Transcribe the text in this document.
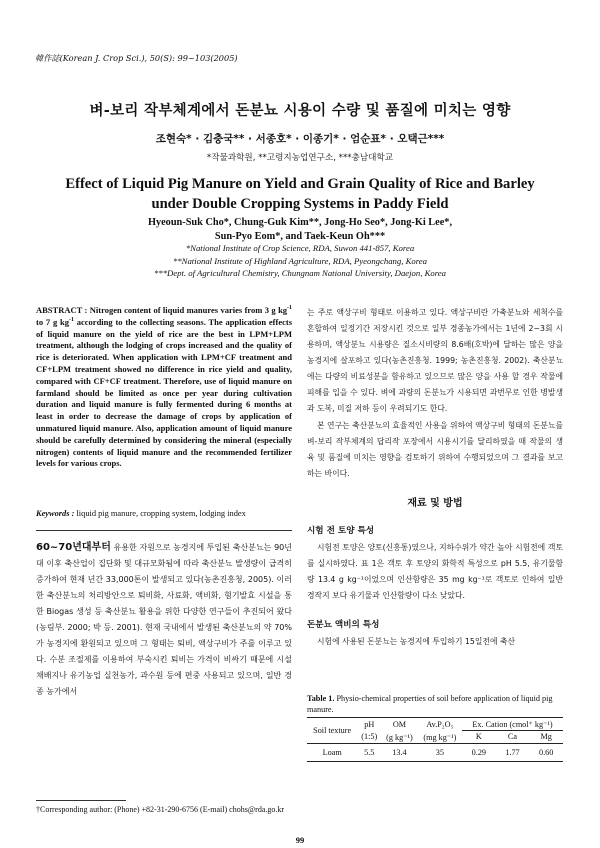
韓作誌(Korean J. Crop Sci.), 50(S): 99~103(2005)
벼-보리 작부체계에서 돈분뇨 시용이 수량 및 품질에 미치는 영향
조현숙* · 김충국** · 서종호* · 이종기* · 엄순표* · 오택근***
*작물과학원, **고령지농업연구소, ***충남대학교
Effect of Liquid Pig Manure on Yield and Grain Quality of Rice and Barley
under Double Cropping Systems in Paddy Field
Hyeoun-Suk Cho*, Chung-Guk Kim**, Jong-Ho Seo*, Jong-Ki Lee*,
Sun-Pyo Eom*, and Taek-Keun Oh***
*National Institute of Crop Science, RDA, Suwon 441-857, Korea
**National Institute of Highland Agriculture, RDA, Pyeongchang, Korea
***Dept. of Agricultural Chemistry, Chungnam National University, Daejon, Korea
ABSTRACT : Nitrogen content of liquid manures varies from 3 g $kg^{-1}$ to 7 g $kg^{-1}$ according to the collecting seasons. The application effects of liquid manure on the yield of rice are the best in LPM+LPM treatment, although the lodging of crops increased and the quality of rice is deteriorated. When application with LPM+CF treatment and CF+LPM treatment showed no difference in rice yield and quality, compared with CF+CF treatment. Therefore, use of liquid manure on farmland should be limited as once per year during cultivation duration and liquid manure is fully fermented during 6 months at least in order to decrease the damage of crops by application of unmatured liquid manure. Also, application amount of liquid manure should be carefully determined by considering the mineral (especially nitrogen) contents of liquid manure and the recommended fertilizer levels for various crops.
Keywords : liquid pig manure, cropping system, lodging index
60~70년대부터 유용한 자원으로 농경지에 투입된 축산분뇨는 90년대 이후 축산업이 집단화 및 대규모화됨에 따라 축산분뇨 발생량이 급격히 증가하여 현재 년간 33,000톤이 발생되고 있다(농촌진흥청, 2005). 이러한 축산분뇨의 처리방안으로 퇴비화, 사료화, 액비화, 혐기발효 시설을 통한 Biogas 생성 등 축산분뇨 활용을 위한 다양한 연구들이 추진되어 왔다(농림부. 2000; 박 등. 2001). 현재 국내에서 발생된 축산분뇨의 약 70%가 농경지에 환원되고 있으며 그 형태는 퇴비, 액상구비가 주를 이루고 있다. 수분 조절제를 이용하여 부숙시킨 퇴비는 가격이 비싸기 때문에 시설채배지나 유기농업 실천농가, 과수원 등에 편중 사용되고 있으며, 일반 경종 농가에서
†Corresponding author: (Phone) +82-31-290-6756 (E-mail) chohs@rda.go.kr
는 주로 액상구비 형태로 이용하고 있다. 액상구비란 가축분뇨와 세척수를 혼합하여 일정기간 저장시킨 것으로 일부 경종농가에서는 1년에 2~3회 시용하며, 액상분뇨 시용량은 질소시비량의 8.6배(호박)에 달하는 많은 양을 농경지에 살포하고 있다(농촌진흥청. 1999; 농촌진흥청. 2002). 축산분뇨에는 다량의 비료성분을 함유하고 있으므로 많은 양을 사용 할 경우 작물에 피해를 입을 수 있다. 벼에 과량의 돈분뇨가 시용되면 과번무로 인한 병발생과 도복, 미질 저하 등이 우려되기도 한다.
본 연구는 축산분뇨의 효율적인 사용을 위하여 액상구비 형태의 돈분뇨를 벼-보리 작부체계의 답리작 포장에서 시용시기를 달리하였을 때 작물의 생육 및 품질에 미치는 영향을 검토하기 위하여 수행되었으며 그 결과를 보고하는 바이다.
재료 및 방법
시험 전 토양 특성
시험전 토양은 양토(신흥통)였으나, 지하수위가 약간 높아 시험전에 객토를 실시하였다. 표 1은 객토 후 토양의 화학적 특성으로 pH 5.5, 유기물함량 13.4 g kg⁻¹이었으며 인산함량은 35 mg kg⁻¹로 객토로 인하여 일반 경작지 보다 유기물과 인산함량이 다소 낮았다.
돈분뇨 액비의 특성
시험에 사용된 돈분뇨는 농경지에 투입하기 15일전에 축산
Table 1. Physio-chemical properties of soil before application of liquid pig manure.
Soil texture	pH	OM	Av.P₂O₅	Ex. Cation (cmol⁺ kg⁻¹)		
	(1:5)	(g kg⁻¹)	(mg kg⁻¹)	K	Ca	Mg
Loam	5.5	13.4	35	0.29	1.77	0.60
99
